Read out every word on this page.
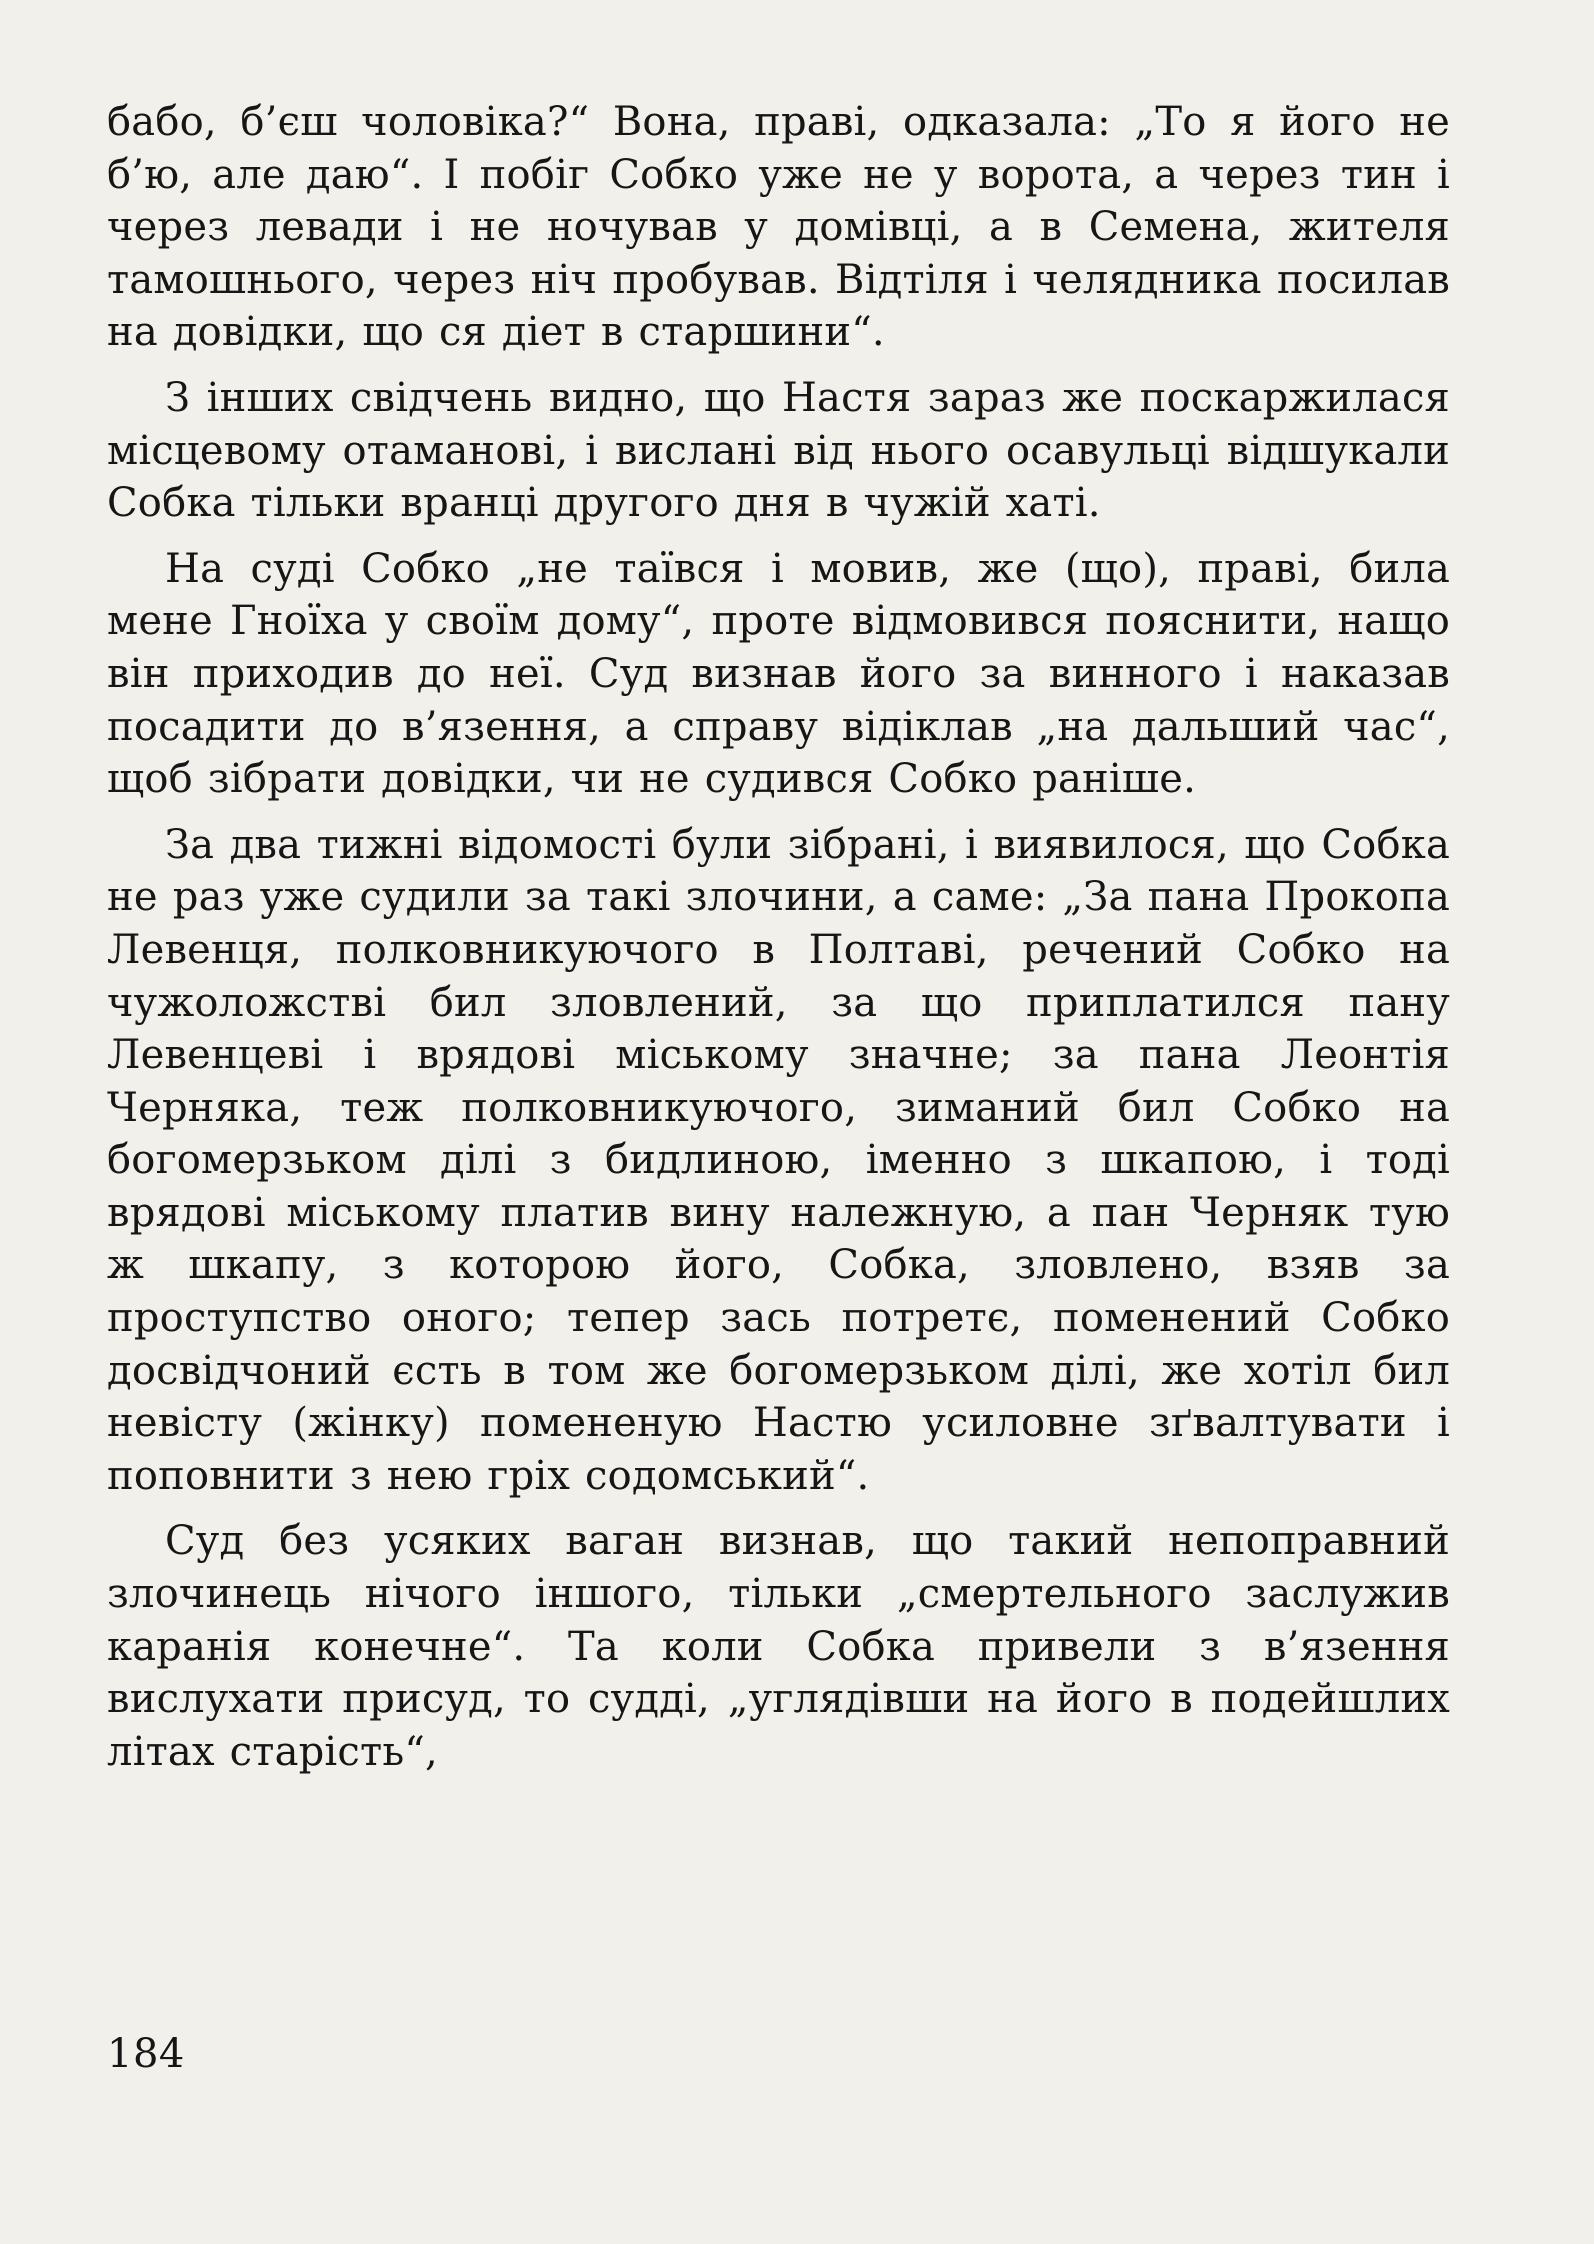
бабо, б’єш чоловіка?“ Вона, праві, одказала: „То я його не б’ю, але даю“. І побіг Собко уже не у ворота, а через тин і через левади і не ночував у домівці, а в Семена, жителя тамошнього, через ніч пробував. Відтіля і челядника посилав на довідки, що ся діет в старшини“.

З інших свідчень видно, що Настя зараз же поскаржилася місцевому отаманові, і вислані від нього осавульці відшукали Собка тільки вранці другого дня в чужій хаті.

На суді Собко „не таївся і мовив, же (що), праві, била мене Гноїха у своїм дому“, проте відмовився пояснити, нащо він приходив до неї. Суд визнав його за винного і наказав посадити до в’язення, а справу відіклав „на дальший час“, щоб зібрати довідки, чи не судився Собко раніше.

За два тижні відомості були зібрані, і виявилося, що Собка не раз уже судили за такі злочини, а саме: „За пана Прокопа Левенця, полковникуючого в Полтаві, речений Собко на чужоложстві бил зловлений, за що приплатился пану Левенцеві і врядові міському значне; за пана Леонтія Черняка, теж полковникуючого, зиманий бил Собко на богомерзьком ділі з бидлиною, іменно з шкапою, і тоді врядові міському платив вину належную, а пан Черняк тую ж шкапу, з которою його, Собка, зловлено, взяв за проступство оного; тепер зась потретє, поменений Собко досвідчоний єсть в том же богомерзьком ділі, же хотіл бил невісту (жінку) помененую Настю усиловне зґвалтувати і поповнити з нею гріх содомський“.

Суд без усяких ваган визнав, що такий непоправний злочинець нічого іншого, тільки „смертельного заслужив каранія конечне“. Та коли Собка привели з в’язення вислухати присуд, то судді, „углядівши на його в подейшлих літах старість“,

184
